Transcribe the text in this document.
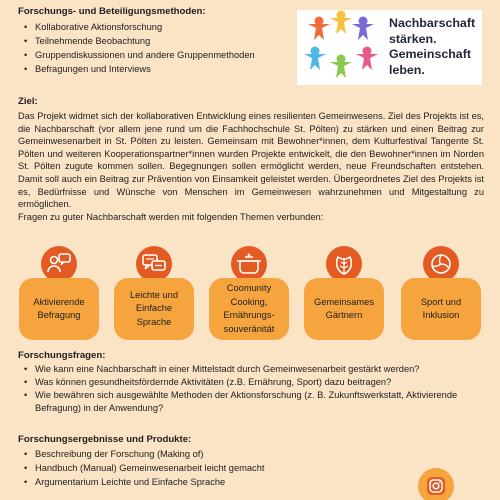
Forschungs- und Beteiligungsmethoden:
• Kollaborative Aktionsforschung
• Teilnehmende Beobachtung
• Gruppendiskussionen und andere Gruppenmethoden
• Befragungen und Interviews
Nachbarschaft
stärken.
Gemeinschaft
leben.
Ziel:

Das Projekt widmet sich der kollaborativen Entwicklung eines resilienten Gemeinwesens. Ziel des Projekts ist es, die Nachbarschaft (vor allem jene rund um die Fachhochschule St. Pölten) zu stärken und einen Beitrag zur Gemeinwesenarbeit in St. Pölten zu leisten. Gemeinsam mit Bewohner*innen, dem Kulturfestival Tangente St. Pölten und weiteren Kooperationspartner*innen wurden Projekte entwickelt, die den Bewohner*innen im Norden St. Pölten zugute kommen sollen. Begegnungen sollen ermöglicht werden, neue Freundschaften entstehen. Damit soll auch ein Beitrag zur Prävention von Einsamkeit geleistet werden. Übergeordnetes Ziel des Projekts ist es, Bedürfnisse und Wünsche von Menschen im Gemeinwesen wahrzunehmen und Mitgestaltung zu ermöglichen.

Fragen zu guter Nachbarschaft werden mit folgenden Themen verbunden:

Aktivierende Befragung
Leichte und Einfache Sprache
Coomunity Cooking, Ernährungs-souveränität
Gemeinsames Gärtnern
Sport und Inklusion
Forschungsfragen:
• Wie kann eine Nachbarschaft in einer Mittelstadt durch Gemeinwesenarbeit gestärkt werden?
• Was können gesundheitsfördernde Aktivitäten (z.B. Ernährung, Sport) dazu beitragen?
• Wie bewähren sich ausgewählte Methoden der Aktionsforschung (z. B. Zukunftswerkstatt, Aktivierende Befragung) in der Anwendung?
Forschungsergebnisse und Produkte:
• Beschreibung der Forschung (Making of)
• Handbuch (Manual) Gemeinwesenarbeit leicht gemacht
• Argumentarium Leichte und Einfache Sprache
